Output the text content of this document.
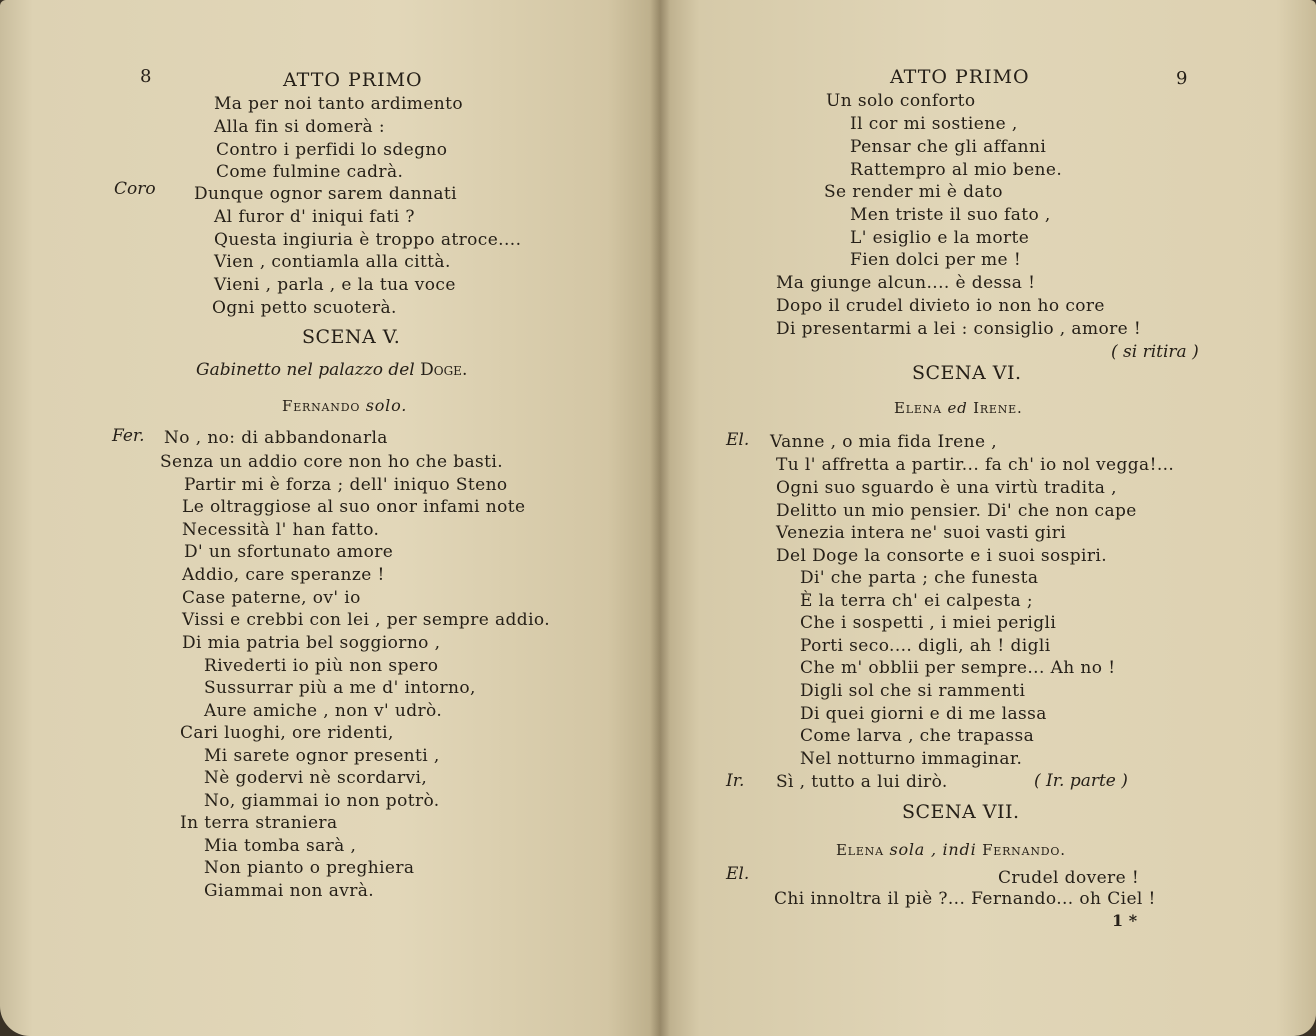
8	ATTO PRIMO
Ma per noi tanto ardimento
Alla fin si domerà :
Contro i perfidi lo sdegno
Come fulmine cadrà.
Coro Dunque ognor sarem dannati
Al furor d' iniqui fati ?
Questa ingiuria è troppo atroce....
Vien , contiamla alla città.
Vieni , parla , e la tua voce
Ogni petto scuoterà.
SCENA V.
Gabinetto nel palazzo del Doge.
Fernando solo.
Fer. No , no: di abbandonarla
Senza un addio core non ho che basti.
Partir mi è forza ; dell' iniquo Steno
Le oltraggiose al suo onor infami note
Necessità l' han fatto.
D' un sfortunato amore
Addio, care speranze !
Case paterne, ov' io
Vissi e crebbi con lei , per sempre addio.
Di mia patria bel soggiorno ,
Rivederti io più non spero
Sussurrar più a me d' intorno,
Aure amiche , non v' udrò.
Cari luoghi, ore ridenti,
Mi sarete ognor presenti ,
Nè godervi nè scordarvi,
No, giammai io non potrò.
In terra straniera
Mia tomba sarà ,
Non pianto o preghiera
Giammai non avrà.
ATTO PRIMO	9
Un solo conforto
Il cor mi sostiene ,
Pensar che gli affanni
Rattempro al mio bene.
Se render mi è dato
Men triste il suo fato ,
L' esiglio e la morte
Fien dolci per me !
Ma giunge alcun.... è dessa !
Dopo il crudel divieto io non ho core
Di presentarmi a lei : consiglio , amore !
( si ritira )
SCENA VI.
Elena ed Irene.
El. Vanne , o mia fida Irene ,
Tu l' affretta a partir... fa ch' io nol vegga!...
Ogni suo sguardo è una virtù tradita ,
Delitto un mio pensier. Di' che non cape
Venezia intera ne' suoi vasti giri
Del Doge la consorte e i suoi sospiri.
Di' che parta ; che funesta
È la terra ch' ei calpesta ;
Che i sospetti , i miei perigli
Porti seco.... digli, ah ! digli
Che m' obblii per sempre... Ah no !
Digli sol che si rammenti
Di quei giorni e di me lassa
Come larva , che trapassa
Nel notturno immaginar.
Ir. Sì , tutto a lui dirò.	( Ir. parte )
SCENA VII.
Elena sola , indi Fernando.
El.	Crudel dovere !
Chi innoltra il piè ?... Fernando... oh Ciel !
1 *
